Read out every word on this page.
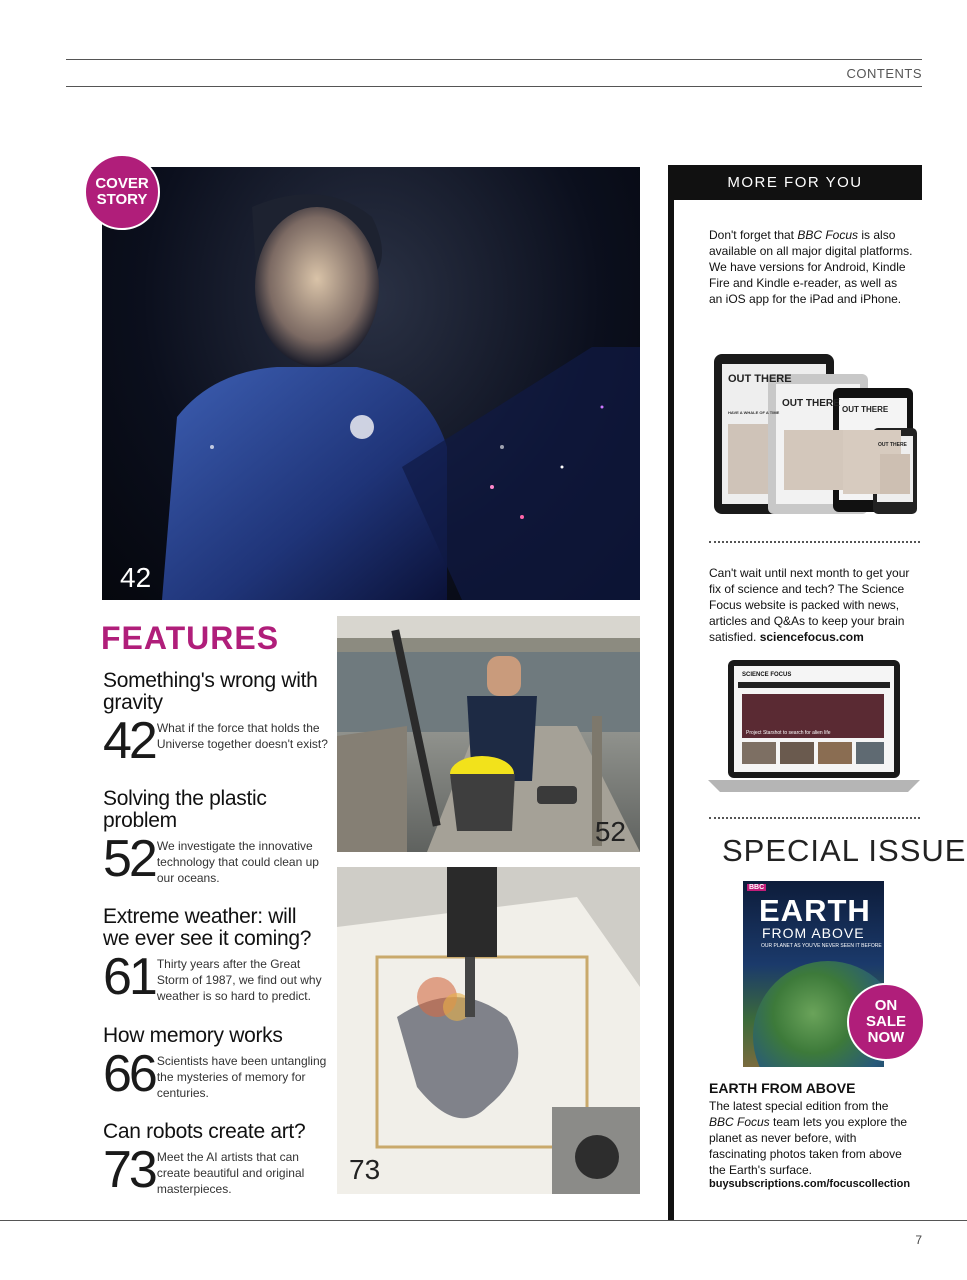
CONTENTS
COVER
STORY
42
FEATURES
Something's wrong with gravity
42 What if the force that holds the Universe together doesn't exist?
Solving the plastic problem
52 We investigate the innovative technology that could clean up our oceans.
Extreme weather: will we ever see it coming?
61 Thirty years after the Great Storm of 1987, we find out why weather is so hard to predict.
How memory works
66 Scientists have been untangling the mysteries of memory for centuries.
Can robots create art?
73 Meet the AI artists that can create beautiful and original masterpieces.
52
73
MORE FOR YOU
Don't forget that BBC Focus is also available on all major digital platforms. We have versions for Android, Kindle Fire and Kindle e-reader, as well as an iOS app for the iPad and iPhone.
OUT THERE
HAVE A WHALE OF A TIME
OUT THERE
OUT THERE
OUT THERE
Can't wait until next month to get your fix of science and tech? The Science Focus website is packed with news, articles and Q&As to keep your brain satisfied. sciencefocus.com
SCIENCE FOCUS
Project Starshot to search for alien life
SPECIAL ISSUE
BBC
EARTH
FROM ABOVE
OUR PLANET AS YOU'VE NEVER SEEN IT BEFORE
ON
SALE
NOW
EARTH FROM ABOVE
The latest special edition from the BBC Focus team lets you explore the planet as never before, with fascinating photos taken from above the Earth's surface.
buysubscriptions.com/focuscollection
7
